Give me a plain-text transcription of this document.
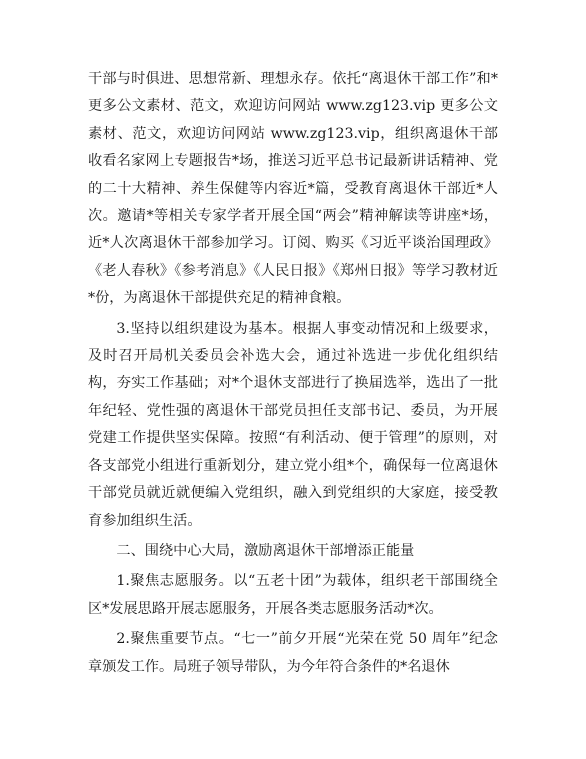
干部与时俱进、思想常新、理想永存。依托“离退休干部工作”和*更多公文素材、范文，欢迎访问网站 www.zg123.vip 更多公文素材、范文，欢迎访问网站 www.zg123.vip，组织离退休干部收看名家网上专题报告*场，推送习近平总书记最新讲话精神、党的二十大精神、养生保健等内容近*篇，受教育离退休干部近*人次。邀请*等相关专家学者开展全国“两会”精神解读等讲座*场，近*人次离退休干部参加学习。订阅、购买《习近平谈治国理政》《老人春秋》《参考消息》《人民日报》《郑州日报》等学习教材近*份，为离退休干部提供充足的精神食粮。

3.坚持以组织建设为基本。根据人事变动情况和上级要求，及时召开局机关委员会补选大会，通过补选进一步优化组织结构，夯实工作基础；对*个退休支部进行了换届选举，选出了一批年纪轻、党性强的离退休干部党员担任支部书记、委员，为开展党建工作提供坚实保障。按照“有利活动、便于管理”的原则，对各支部党小组进行重新划分，建立党小组*个，确保每一位离退休干部党员就近就便编入党组织，融入到党组织的大家庭，接受教育参加组织生活。

二、围绕中心大局，激励离退休干部增添正能量

1.聚焦志愿服务。以“五老十团”为载体，组织老干部围绕全区*发展思路开展志愿服务，开展各类志愿服务活动*次。

2.聚焦重要节点。“七一”前夕开展“光荣在党 50 周年”纪念章颁发工作。局班子领导带队，为今年符合条件的*名退休
